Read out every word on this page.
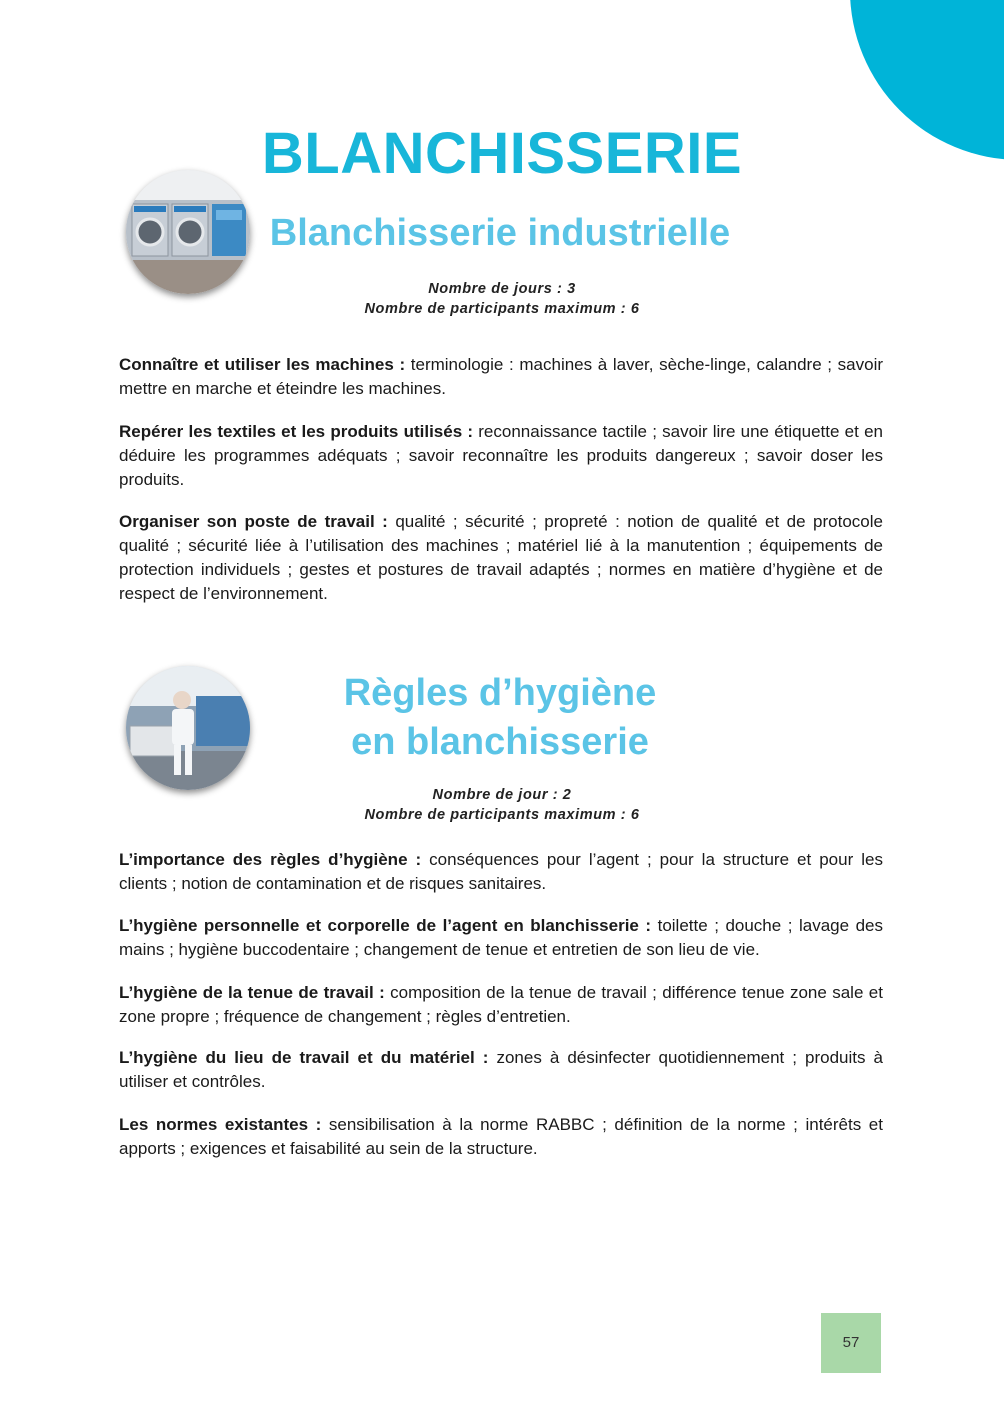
BLANCHISSERIE
Blanchisserie industrielle
Nombre de jours : 3
Nombre de participants maximum : 6

Connaître et utiliser les machines : terminologie : machines à laver, sèche-linge, calandre ; savoir mettre en marche et éteindre les machines.

Repérer les textiles et les produits utilisés : reconnaissance tactile ; savoir lire une étiquette et en déduire les programmes adéquats ; savoir reconnaître les produits dangereux ; savoir doser les produits.

Organiser son poste de travail : qualité ; sécurité ; propreté : notion de qualité et de protocole qualité ; sécurité liée à l’utilisation des machines ; matériel lié à la manutention ; équipements de protection individuels ; gestes et postures de travail adaptés ; normes en matière d’hygiène et de respect de l’environnement.

Règles d’hygiène
en blanchisserie
Nombre de jour : 2
Nombre de participants maximum : 6

L’importance des règles d’hygiène : conséquences pour l’agent ; pour la structure et pour les clients ; notion de contamination et de risques sanitaires.

L’hygiène personnelle et corporelle de l’agent en blanchisserie : toilette ; douche ; lavage des mains ; hygiène buccodentaire ; changement de tenue et entretien de son lieu de vie.

L’hygiène de la tenue de travail : composition de la tenue de travail ; différence tenue zone sale et zone propre ; fréquence de changement ; règles d’entretien.

L’hygiène du lieu de travail et du matériel : zones à désinfecter quotidiennement ; produits à utiliser et contrôles.

Les normes existantes : sensibilisation à la norme RABBC ; définition de la norme ; intérêts et apports ; exigences et faisabilité au sein de la structure.

57
